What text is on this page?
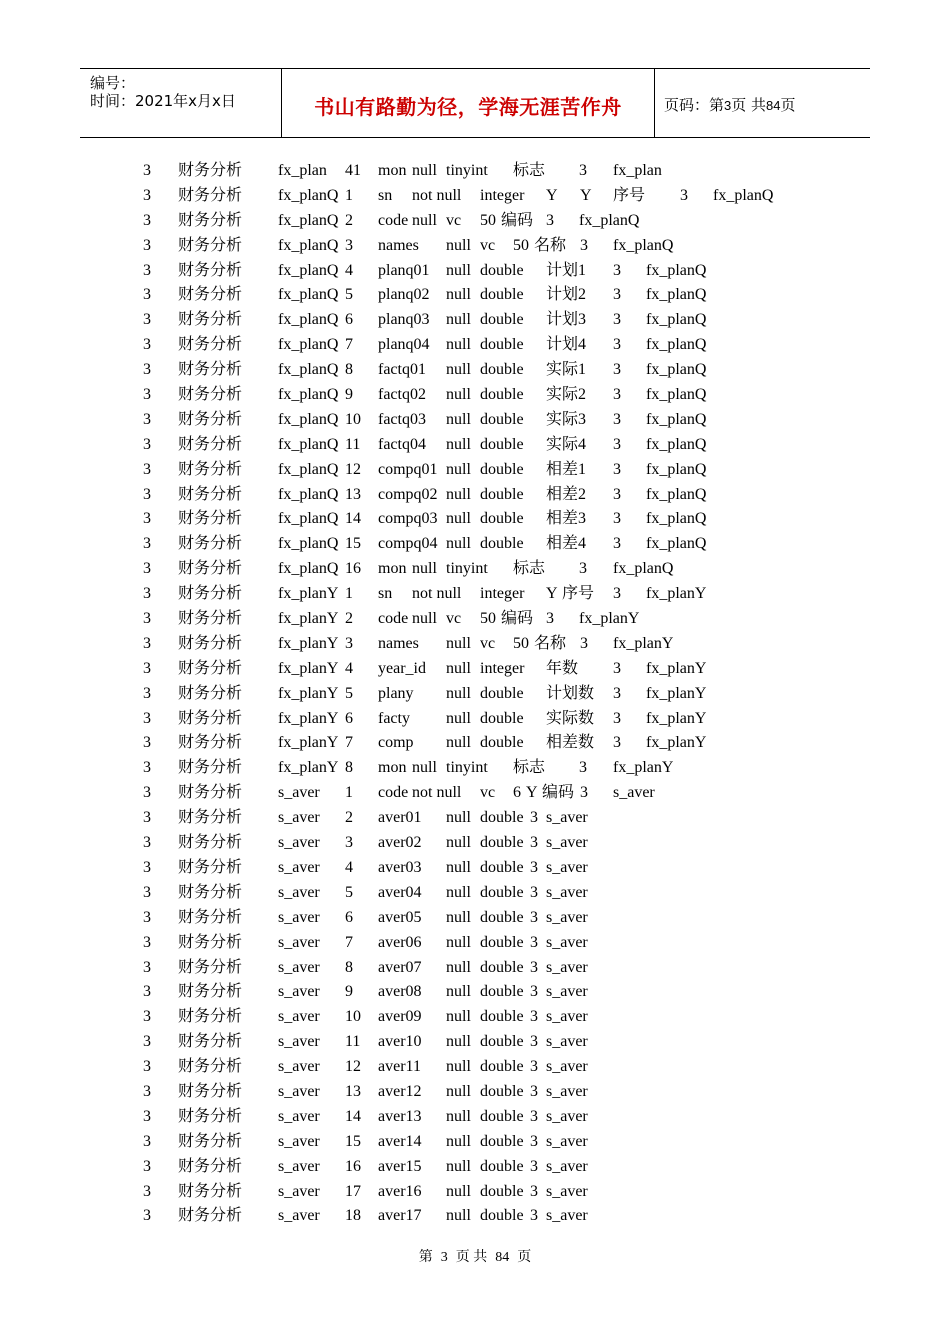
编号：
时间：2021年x月x日	书山有路勤为径，学海无涯苦作舟	页码：第3页 共84页
3 财务分析 fx_plan 41 mon null tinyint 标志 3 fx_plan
3 财务分析 fx_planQ 1 sn not null integer Y Y 序号 3 fx_planQ
3 财务分析 fx_planQ 2 code null vc 50 编码 3 fx_planQ
3 财务分析 fx_planQ 3 names null vc 50 名称 3 fx_planQ
3 财务分析 fx_planQ 4 planq01 null double 计划1 3 fx_planQ
3 财务分析 fx_planQ 5 planq02 null double 计划2 3 fx_planQ
3 财务分析 fx_planQ 6 planq03 null double 计划3 3 fx_planQ
3 财务分析 fx_planQ 7 planq04 null double 计划4 3 fx_planQ
3 财务分析 fx_planQ 8 factq01 null double 实际1 3 fx_planQ
3 财务分析 fx_planQ 9 factq02 null double 实际2 3 fx_planQ
3 财务分析 fx_planQ 10 factq03 null double 实际3 3 fx_planQ
3 财务分析 fx_planQ 11 factq04 null double 实际4 3 fx_planQ
3 财务分析 fx_planQ 12 compq01 null double 相差1 3 fx_planQ
3 财务分析 fx_planQ 13 compq02 null double 相差2 3 fx_planQ
3 财务分析 fx_planQ 14 compq03 null double 相差3 3 fx_planQ
3 财务分析 fx_planQ 15 compq04 null double 相差4 3 fx_planQ
3 财务分析 fx_planQ 16 mon null tinyint 标志 3 fx_planQ
3 财务分析 fx_planY 1 sn not null integer Y 序号 3 fx_planY
3 财务分析 fx_planY 2 code null vc 50 编码 3 fx_planY
3 财务分析 fx_planY 3 names null vc 50 名称 3 fx_planY
3 财务分析 fx_planY 4 year_id null integer 年数 3 fx_planY
3 财务分析 fx_planY 5 plany null double 计划数 3 fx_planY
3 财务分析 fx_planY 6 facty null double 实际数 3 fx_planY
3 财务分析 fx_planY 7 comp null double 相差数 3 fx_planY
3 财务分析 fx_planY 8 mon null tinyint 标志 3 fx_planY
3 财务分析 s_aver 1 code not null vc 6 Y 编码 3 s_aver
3 财务分析 s_aver 2 aver01 null double 3 s_aver
3 财务分析 s_aver 3 aver02 null double 3 s_aver
3 财务分析 s_aver 4 aver03 null double 3 s_aver
3 财务分析 s_aver 5 aver04 null double 3 s_aver
3 财务分析 s_aver 6 aver05 null double 3 s_aver
3 财务分析 s_aver 7 aver06 null double 3 s_aver
3 财务分析 s_aver 8 aver07 null double 3 s_aver
3 财务分析 s_aver 9 aver08 null double 3 s_aver
3 财务分析 s_aver 10 aver09 null double 3 s_aver
3 财务分析 s_aver 11 aver10 null double 3 s_aver
3 财务分析 s_aver 12 aver11 null double 3 s_aver
3 财务分析 s_aver 13 aver12 null double 3 s_aver
3 财务分析 s_aver 14 aver13 null double 3 s_aver
3 财务分析 s_aver 15 aver14 null double 3 s_aver
3 财务分析 s_aver 16 aver15 null double 3 s_aver
3 财务分析 s_aver 17 aver16 null double 3 s_aver
3 财务分析 s_aver 18 aver17 null double 3 s_aver
第 3 页 共 84 页
